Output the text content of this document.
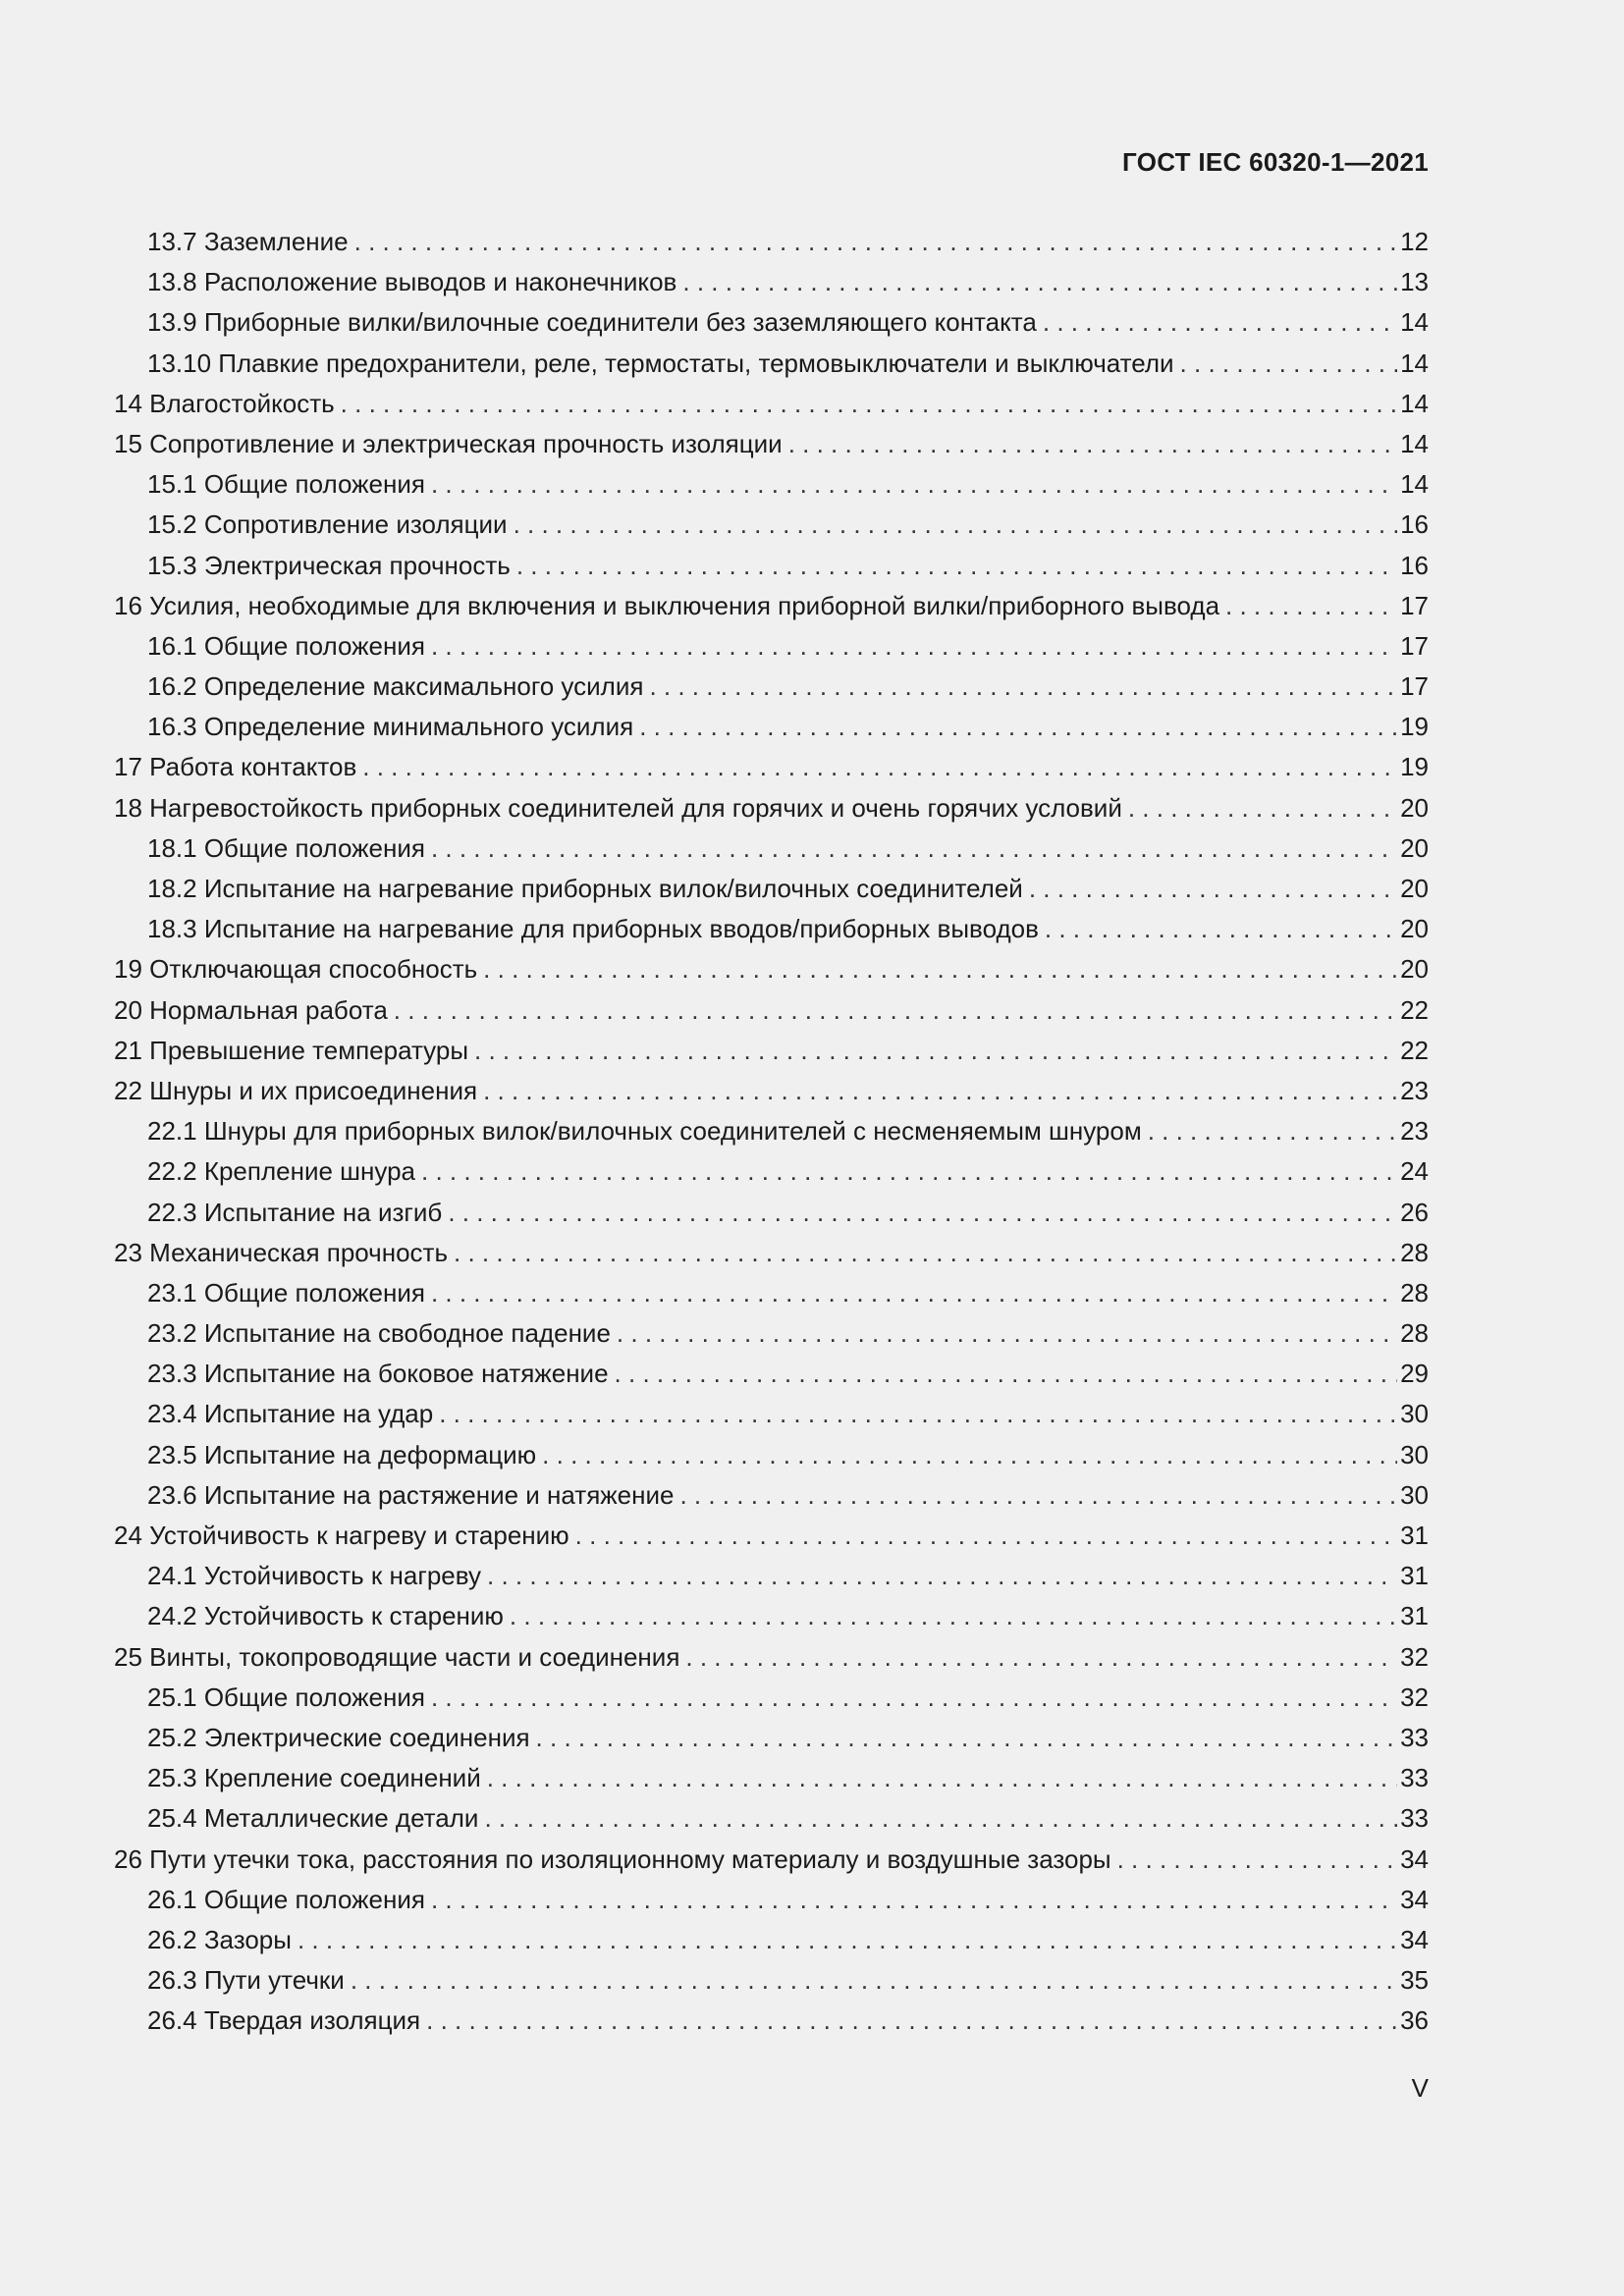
ГОСТ IEC 60320-1—2021
13.7 Заземление . . .	12
13.8 Расположение выводов и наконечников . . .	13
13.9 Приборные вилки/вилочные соединители без заземляющего контакта . . .	14
13.10 Плавкие предохранители, реле, термостаты, термовыключатели и выключатели . . .	14
14 Влагостойкость . . .	14
15 Сопротивление и электрическая прочность изоляции . . .	14
15.1 Общие положения . . .	14
15.2 Сопротивление изоляции . . .	16
15.3 Электрическая прочность . . .	16
16 Усилия, необходимые для включения и выключения приборной вилки/приборного вывода . . .	17
16.1 Общие положения . . .	17
16.2 Определение максимального усилия . . .	17
16.3 Определение минимального усилия . . .	19
17 Работа контактов . . .	19
18 Нагревостойкость приборных соединителей для горячих и очень горячих условий . . .	20
18.1 Общие положения . . .	20
18.2 Испытание на нагревание приборных вилок/вилочных соединителей . . .	20
18.3 Испытание на нагревание для приборных вводов/приборных выводов . . .	20
19 Отключающая способность . . .	20
20 Нормальная работа . . .	22
21 Превышение температуры . . .	22
22 Шнуры и их присоединения . . .	23
22.1 Шнуры для приборных вилок/вилочных соединителей с несменяемым шнуром . . .	23
22.2 Крепление шнура . . .	24
22.3 Испытание на изгиб . . .	26
23 Механическая прочность . . .	28
23.1 Общие положения . . .	28
23.2 Испытание на свободное падение . . .	28
23.3 Испытание на боковое натяжение . . .	29
23.4 Испытание на удар . . .	30
23.5 Испытание на деформацию . . .	30
23.6 Испытание на растяжение и натяжение . . .	30
24 Устойчивость к нагреву и старению . . .	31
24.1 Устойчивость к нагреву . . .	31
24.2 Устойчивость к старению . . .	31
25 Винты, токопроводящие части и соединения . . .	32
25.1 Общие положения . . .	32
25.2 Электрические соединения . . .	33
25.3 Крепление соединений . . .	33
25.4 Металлические детали . . .	33
26 Пути утечки тока, расстояния по изоляционному материалу и воздушные зазоры . . .	34
26.1 Общие положения . . .	34
26.2 Зазоры . . .	34
26.3 Пути утечки . . .	35
26.4 Твердая изоляция . . .	36
V
